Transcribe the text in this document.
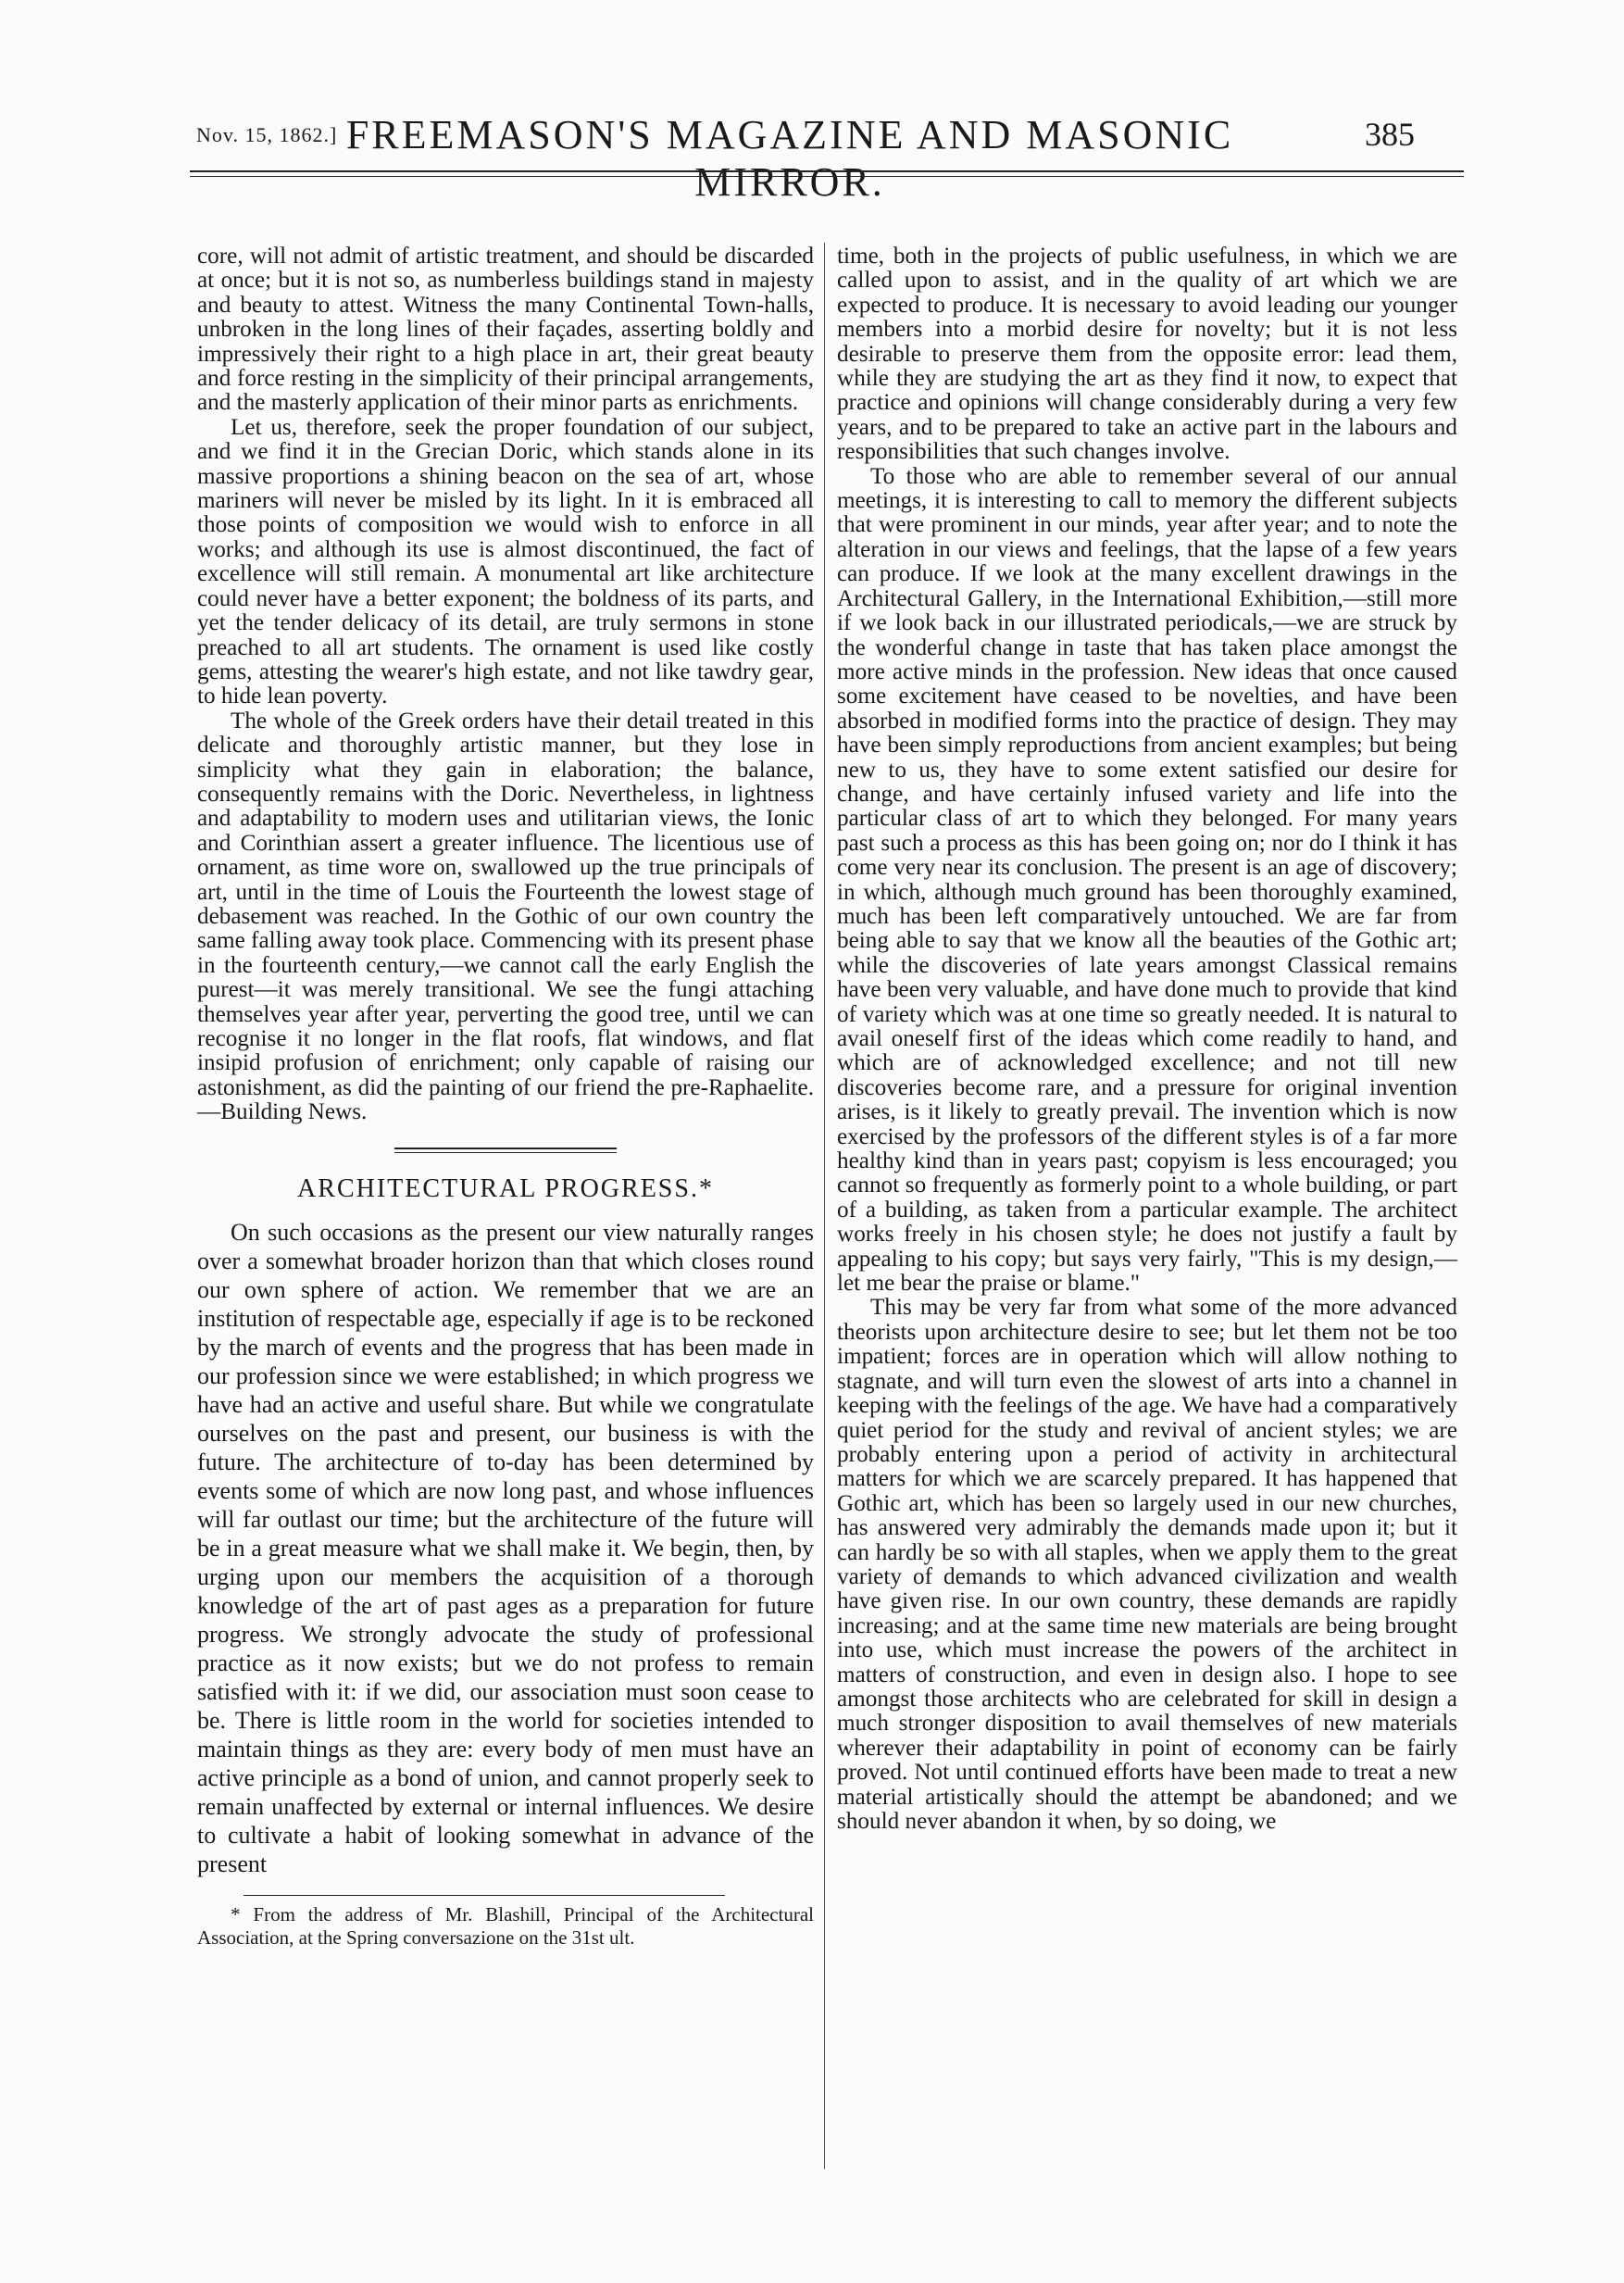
Nov. 15, 1862.] FREEMASON'S MAGAZINE AND MASONIC MIRROR.
385

core, will not admit of artistic treatment, and should be discarded at once; but it is not so, as numberless buildings stand in majesty and beauty to attest. Witness the many Continental Town-halls, unbroken in the long lines of their façades, asserting boldly and impressively their right to a high place in art, their great beauty and force resting in the simplicity of their principal arrangements, and the masterly application of their minor parts as enrichments.

Let us, therefore, seek the proper foundation of our subject, and we find it in the Grecian Doric, which stands alone in its massive proportions a shining beacon on the sea of art, whose mariners will never be misled by its light. In it is embraced all those points of composition we would wish to enforce in all works; and although its use is almost discontinued, the fact of excellence will still remain. A monumental art like architecture could never have a better exponent; the boldness of its parts, and yet the tender delicacy of its detail, are truly sermons in stone preached to all art students. The ornament is used like costly gems, attesting the wearer's high estate, and not like tawdry gear, to hide lean poverty.

The whole of the Greek orders have their detail treated in this delicate and thoroughly artistic manner, but they lose in simplicity what they gain in elaboration; the balance, consequently remains with the Doric. Nevertheless, in lightness and adaptability to modern uses and utilitarian views, the Ionic and Corinthian assert a greater influence. The licentious use of ornament, as time wore on, swallowed up the true principals of art, until in the time of Louis the Fourteenth the lowest stage of debasement was reached. In the Gothic of our own country the same falling away took place. Commencing with its present phase in the fourteenth century,—we cannot call the early English the purest—it was merely transitional. We see the fungi attaching themselves year after year, perverting the good tree, until we can recognise it no longer in the flat roofs, flat windows, and flat insipid profusion of enrichment; only capable of raising our astonishment, as did the painting of our friend the pre-Raphaelite.—Building News.

ARCHITECTURAL PROGRESS.*

On such occasions as the present our view naturally ranges over a somewhat broader horizon than that which closes round our own sphere of action. We remember that we are an institution of respectable age, especially if age is to be reckoned by the march of events and the progress that has been made in our profession since we were established; in which progress we have had an active and useful share. But while we congratulate ourselves on the past and present, our business is with the future. The architecture of to-day has been determined by events some of which are now long past, and whose influences will far outlast our time; but the architecture of the future will be in a great measure what we shall make it. We begin, then, by urging upon our members the acquisition of a thorough knowledge of the art of past ages as a preparation for future progress. We strongly advocate the study of professional practice as it now exists; but we do not profess to remain satisfied with it: if we did, our association must soon cease to be. There is little room in the world for societies intended to maintain things as they are: every body of men must have an active principle as a bond of union, and cannot properly seek to remain unaffected by external or internal influences. We desire to cultivate a habit of looking somewhat in advance of the present

* From the address of Mr. Blashill, Principal of the Architectural Association, at the Spring conversazione on the 31st ult.

time, both in the projects of public usefulness, in which we are called upon to assist, and in the quality of art which we are expected to produce. It is necessary to avoid leading our younger members into a morbid desire for novelty; but it is not less desirable to preserve them from the opposite error: lead them, while they are studying the art as they find it now, to expect that practice and opinions will change considerably during a very few years, and to be prepared to take an active part in the labours and responsibilities that such changes involve.

To those who are able to remember several of our annual meetings, it is interesting to call to memory the different subjects that were prominent in our minds, year after year; and to note the alteration in our views and feelings, that the lapse of a few years can produce. If we look at the many excellent drawings in the Architectural Gallery, in the International Exhibition,—still more if we look back in our illustrated periodicals,—we are struck by the wonderful change in taste that has taken place amongst the more active minds in the profession. New ideas that once caused some excitement have ceased to be novelties, and have been absorbed in modified forms into the practice of design. They may have been simply reproductions from ancient examples; but being new to us, they have to some extent satisfied our desire for change, and have certainly infused variety and life into the particular class of art to which they belonged. For many years past such a process as this has been going on; nor do I think it has come very near its conclusion. The present is an age of discovery; in which, although much ground has been thoroughly examined, much has been left comparatively untouched. We are far from being able to say that we know all the beauties of the Gothic art; while the discoveries of late years amongst Classical remains have been very valuable, and have done much to provide that kind of variety which was at one time so greatly needed. It is natural to avail oneself first of the ideas which come readily to hand, and which are of acknowledged excellence; and not till new discoveries become rare, and a pressure for original invention arises, is it likely to greatly prevail. The invention which is now exercised by the professors of the different styles is of a far more healthy kind than in years past; copyism is less encouraged; you cannot so frequently as formerly point to a whole building, or part of a building, as taken from a particular example. The architect works freely in his chosen style; he does not justify a fault by appealing to his copy; but says very fairly, "This is my design,—let me bear the praise or blame."

This may be very far from what some of the more advanced theorists upon architecture desire to see; but let them not be too impatient; forces are in operation which will allow nothing to stagnate, and will turn even the slowest of arts into a channel in keeping with the feelings of the age. We have had a comparatively quiet period for the study and revival of ancient styles; we are probably entering upon a period of activity in architectural matters for which we are scarcely prepared. It has happened that Gothic art, which has been so largely used in our new churches, has answered very admirably the demands made upon it; but it can hardly be so with all staples, when we apply them to the great variety of demands to which advanced civilization and wealth have given rise. In our own country, these demands are rapidly increasing; and at the same time new materials are being brought into use, which must increase the powers of the architect in matters of construction, and even in design also. I hope to see amongst those architects who are celebrated for skill in design a much stronger disposition to avail themselves of new materials wherever their adaptability in point of economy can be fairly proved. Not until continued efforts have been made to treat a new material artistically should the attempt be abandoned; and we should never abandon it when, by so doing, we
